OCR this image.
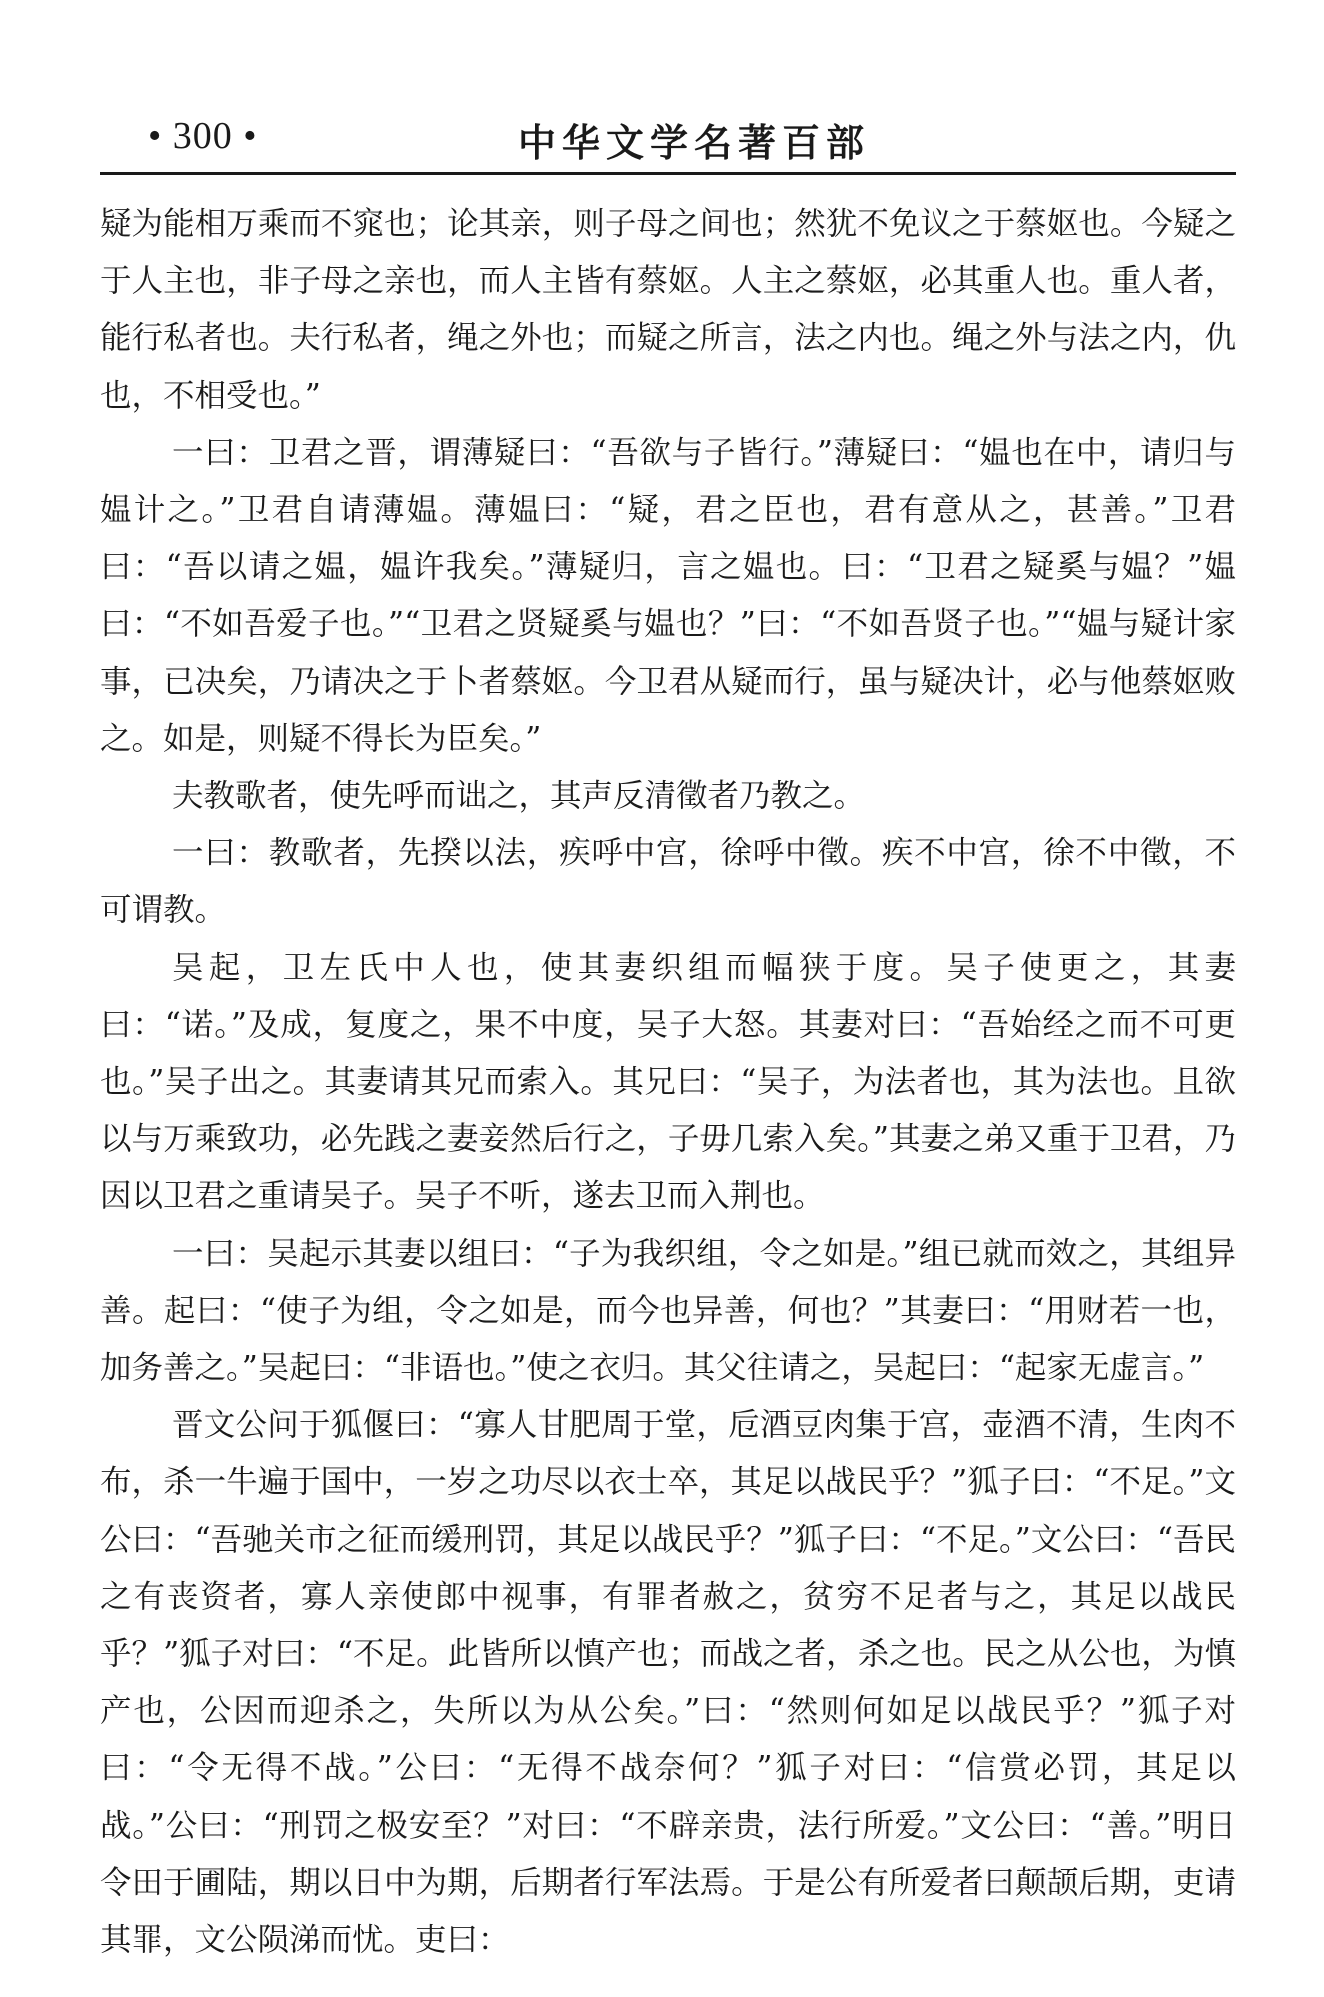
• 300 •	中华文学名著百部

疑为能相万乘而不窕也；论其亲，则子母之间也；然犹不免议之于蔡妪也。今疑之于人主也，非子母之亲也，而人主皆有蔡妪。人主之蔡妪，必其重人也。重人者，能行私者也。夫行私者，绳之外也；而疑之所言，法之内也。绳之外与法之内，仇也，不相受也。”

一曰：卫君之晋，谓薄疑曰：“吾欲与子皆行。”薄疑曰：“媪也在中，请归与媪计之。”卫君自请薄媪。薄媪曰：“疑，君之臣也，君有意从之，甚善。”卫君曰：“吾以请之媪，媪许我矣。”薄疑归，言之媪也。曰：“卫君之疑奚与媪？”媪曰：“不如吾爱子也。”“卫君之贤疑奚与媪也？”曰：“不如吾贤子也。”“媪与疑计家事，已决矣，乃请决之于卜者蔡妪。今卫君从疑而行，虽与疑决计，必与他蔡妪败之。如是，则疑不得长为臣矣。”

夫教歌者，使先呼而诎之，其声反清徵者乃教之。

一曰：教歌者，先揆以法，疾呼中宫，徐呼中徵。疾不中宫，徐不中徵，不可谓教。

吴起，卫左氏中人也，使其妻织组而幅狭于度。吴子使更之，其妻曰：“诺。”及成，复度之，果不中度，吴子大怒。其妻对曰：“吾始经之而不可更也。”吴子出之。其妻请其兄而索入。其兄曰：“吴子，为法者也，其为法也。且欲以与万乘致功，必先践之妻妾然后行之，子毋几索入矣。”其妻之弟又重于卫君，乃因以卫君之重请吴子。吴子不听，遂去卫而入荆也。

一曰：吴起示其妻以组曰：“子为我织组，令之如是。”组已就而效之，其组异善。起曰：“使子为组，令之如是，而今也异善，何也？”其妻曰：“用财若一也，加务善之。”吴起曰：“非语也。”使之衣归。其父往请之，吴起曰：“起家无虚言。”

晋文公问于狐偃曰：“寡人甘肥周于堂，卮酒豆肉集于宫，壶酒不清，生肉不布，杀一牛遍于国中，一岁之功尽以衣士卒，其足以战民乎？”狐子曰：“不足。”文公曰：“吾驰关市之征而缓刑罚，其足以战民乎？”狐子曰：“不足。”文公曰：“吾民之有丧资者，寡人亲使郎中视事，有罪者赦之，贫穷不足者与之，其足以战民乎？”狐子对曰：“不足。此皆所以慎产也；而战之者，杀之也。民之从公也，为慎产也，公因而迎杀之，失所以为从公矣。”曰：“然则何如足以战民乎？”狐子对曰：“令无得不战。”公曰：“无得不战奈何？”狐子对曰：“信赏必罚，其足以战。”公曰：“刑罚之极安至？”对曰：“不辟亲贵，法行所爱。”文公曰：“善。”明日令田于圃陆，期以日中为期，后期者行军法焉。于是公有所爱者曰颠颉后期，吏请其罪，文公陨涕而忧。吏曰：
